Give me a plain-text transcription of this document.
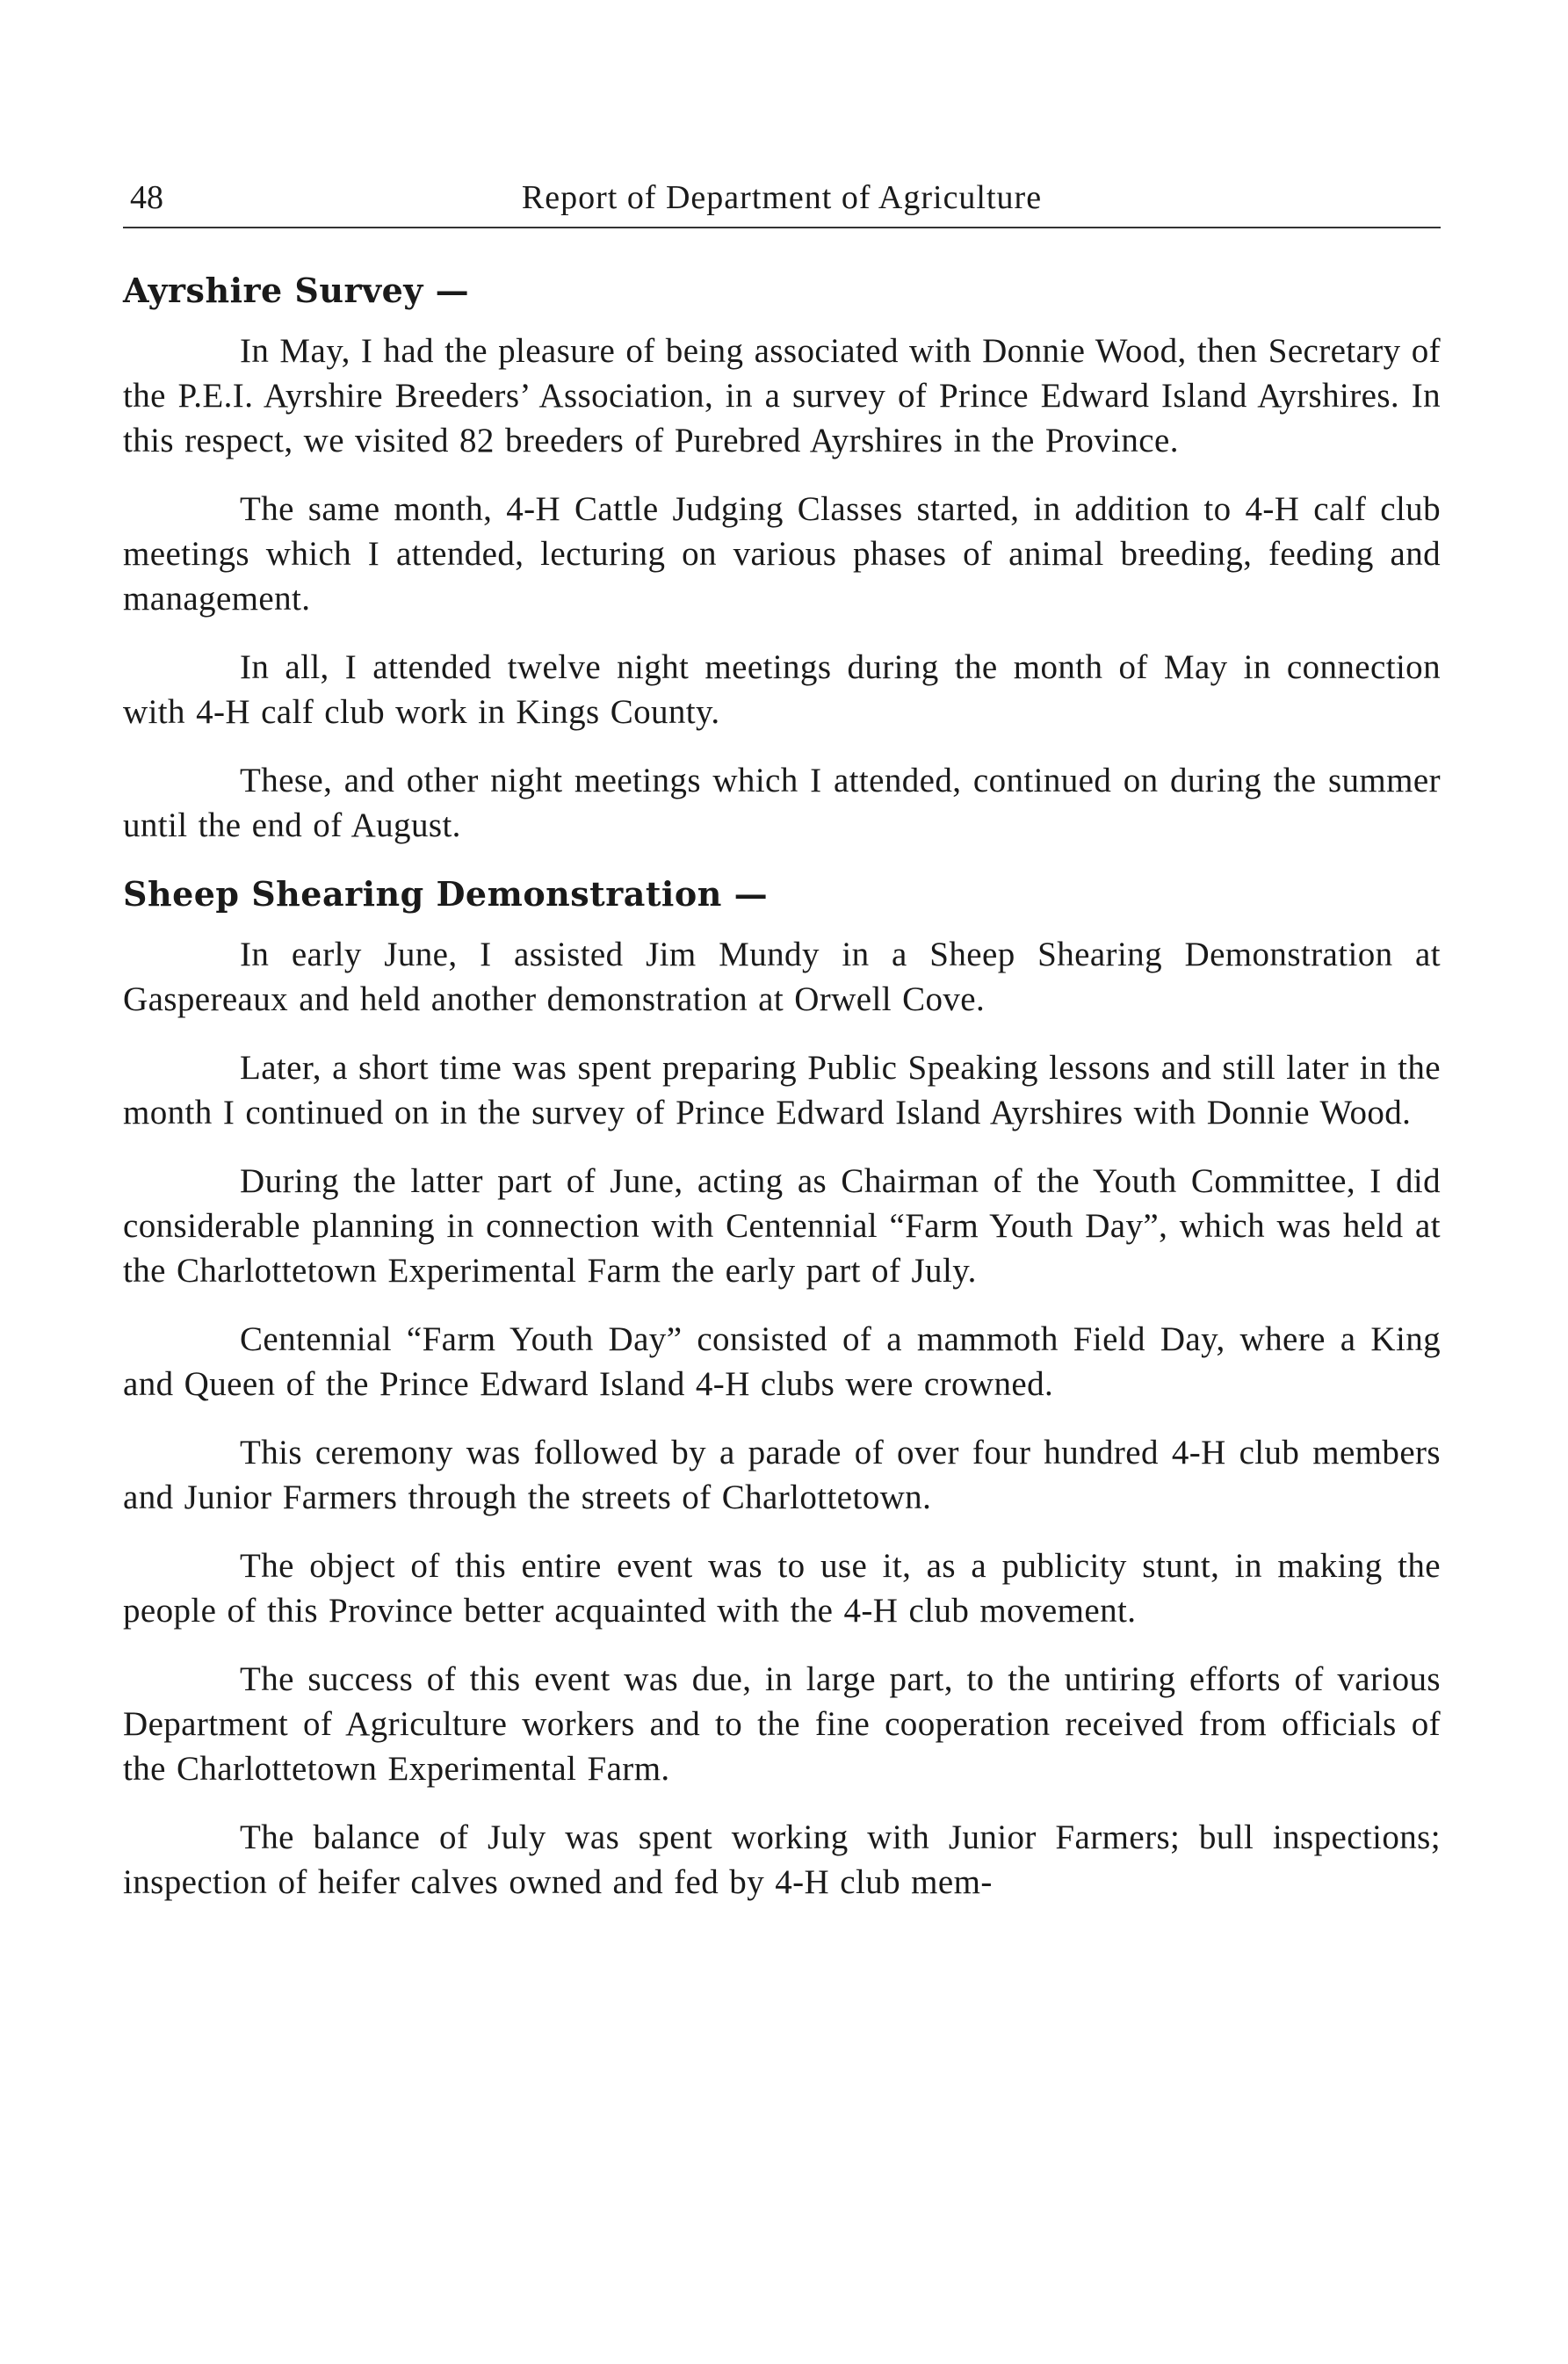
48	Report of Department of Agriculture
Ayrshire Survey —

In May, I had the pleasure of being associated with Donnie Wood, then Secretary of the P.E.I. Ayrshire Breeders’ Association, in a survey of Prince Edward Island Ayrshires. In this respect, we visited 82 breeders of Purebred Ayrshires in the Province.

The same month, 4-H Cattle Judging Classes started, in addition to 4-H calf club meetings which I attended, lecturing on various phases of animal breeding, feeding and management.

In all, I attended twelve night meetings during the month of May in connection with 4-H calf club work in Kings County.

These, and other night meetings which I attended, continued on during the summer until the end of August.

Sheep Shearing Demonstration —

In early June, I assisted Jim Mundy in a Sheep Shearing Demonstration at Gaspereaux and held another demonstration at Orwell Cove.

Later, a short time was spent preparing Public Speaking lessons and still later in the month I continued on in the survey of Prince Edward Island Ayrshires with Donnie Wood.

During the latter part of June, acting as Chairman of the Youth Committee, I did considerable planning in connection with Centennial “Farm Youth Day”, which was held at the Charlottetown Experimental Farm the early part of July.

Centennial “Farm Youth Day” consisted of a mammoth Field Day, where a King and Queen of the Prince Edward Island 4-H clubs were crowned.

This ceremony was followed by a parade of over four hundred 4-H club members and Junior Farmers through the streets of Charlottetown.

The object of this entire event was to use it, as a publicity stunt, in making the people of this Province better acquainted with the 4-H club movement.

The success of this event was due, in large part, to the untiring efforts of various Department of Agriculture workers and to the fine cooperation received from officials of the Charlottetown Experimental Farm.

The balance of July was spent working with Junior Farmers; bull inspections; inspection of heifer calves owned and fed by 4-H club mem-
